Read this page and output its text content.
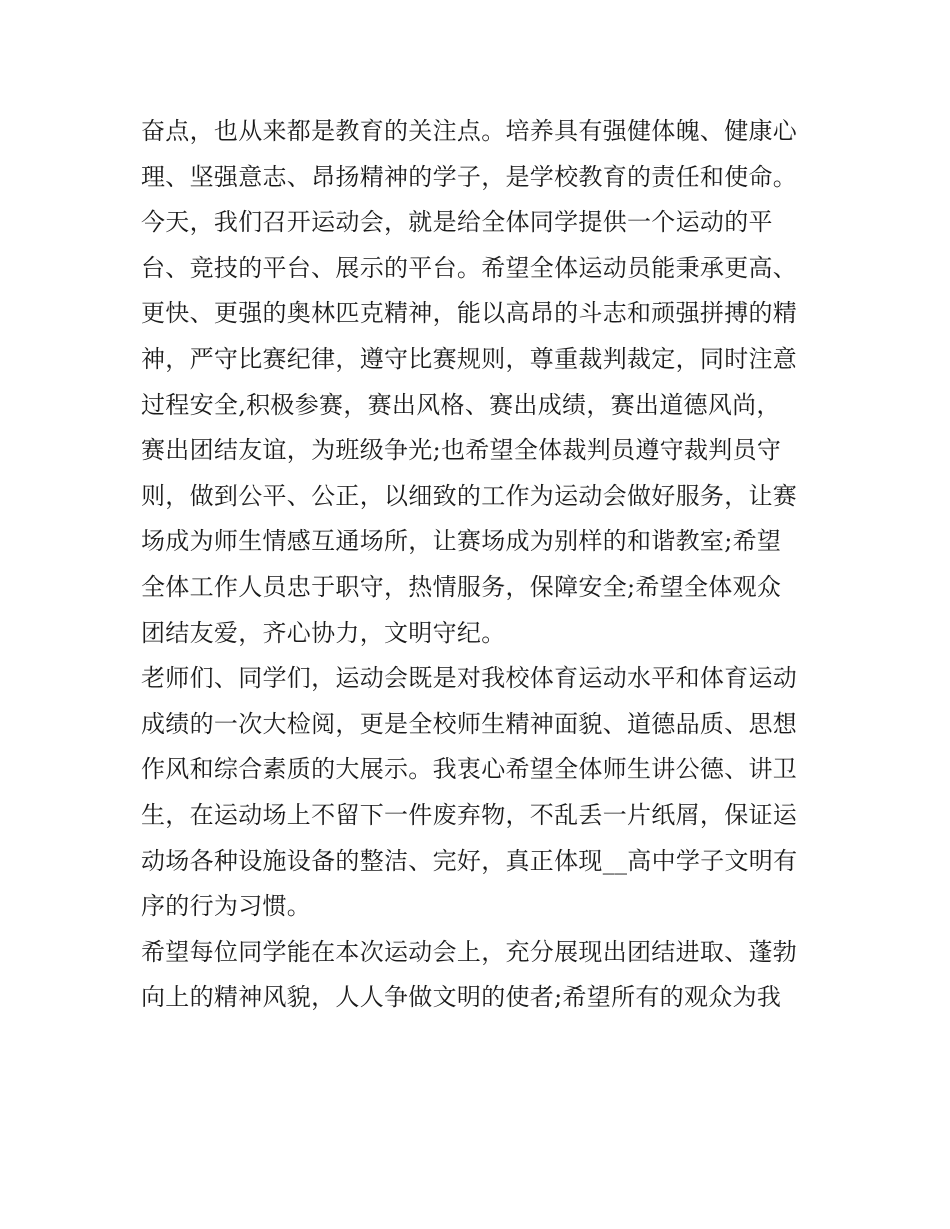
奋点，也从来都是教育的关注点。培养具有强健体魄、健康心
理、坚强意志、昂扬精神的学子，是学校教育的责任和使命。
今天，我们召开运动会，就是给全体同学提供一个运动的平
台、竞技的平台、展示的平台。希望全体运动员能秉承更高、
更快、更强的奥林匹克精神，能以高昂的斗志和顽强拼搏的精
神，严守比赛纪律，遵守比赛规则，尊重裁判裁定，同时注意
过程安全,积极参赛，赛出风格、赛出成绩，赛出道德风尚，
赛出团结友谊，为班级争光;也希望全体裁判员遵守裁判员守
则，做到公平、公正，以细致的工作为运动会做好服务，让赛
场成为师生情感互通场所，让赛场成为别样的和谐教室;希望
全体工作人员忠于职守，热情服务，保障安全;希望全体观众
团结友爱，齐心协力，文明守纪。
老师们、同学们，运动会既是对我校体育运动水平和体育运动
成绩的一次大检阅，更是全校师生精神面貌、道德品质、思想
作风和综合素质的大展示。我衷心希望全体师生讲公德、讲卫
生，在运动场上不留下一件废弃物，不乱丢一片纸屑，保证运
动场各种设施设备的整洁、完好，真正体现__高中学子文明有
序的行为习惯。
希望每位同学能在本次运动会上，充分展现出团结进取、蓬勃
向上的精神风貌，人人争做文明的使者;希望所有的观众为我
